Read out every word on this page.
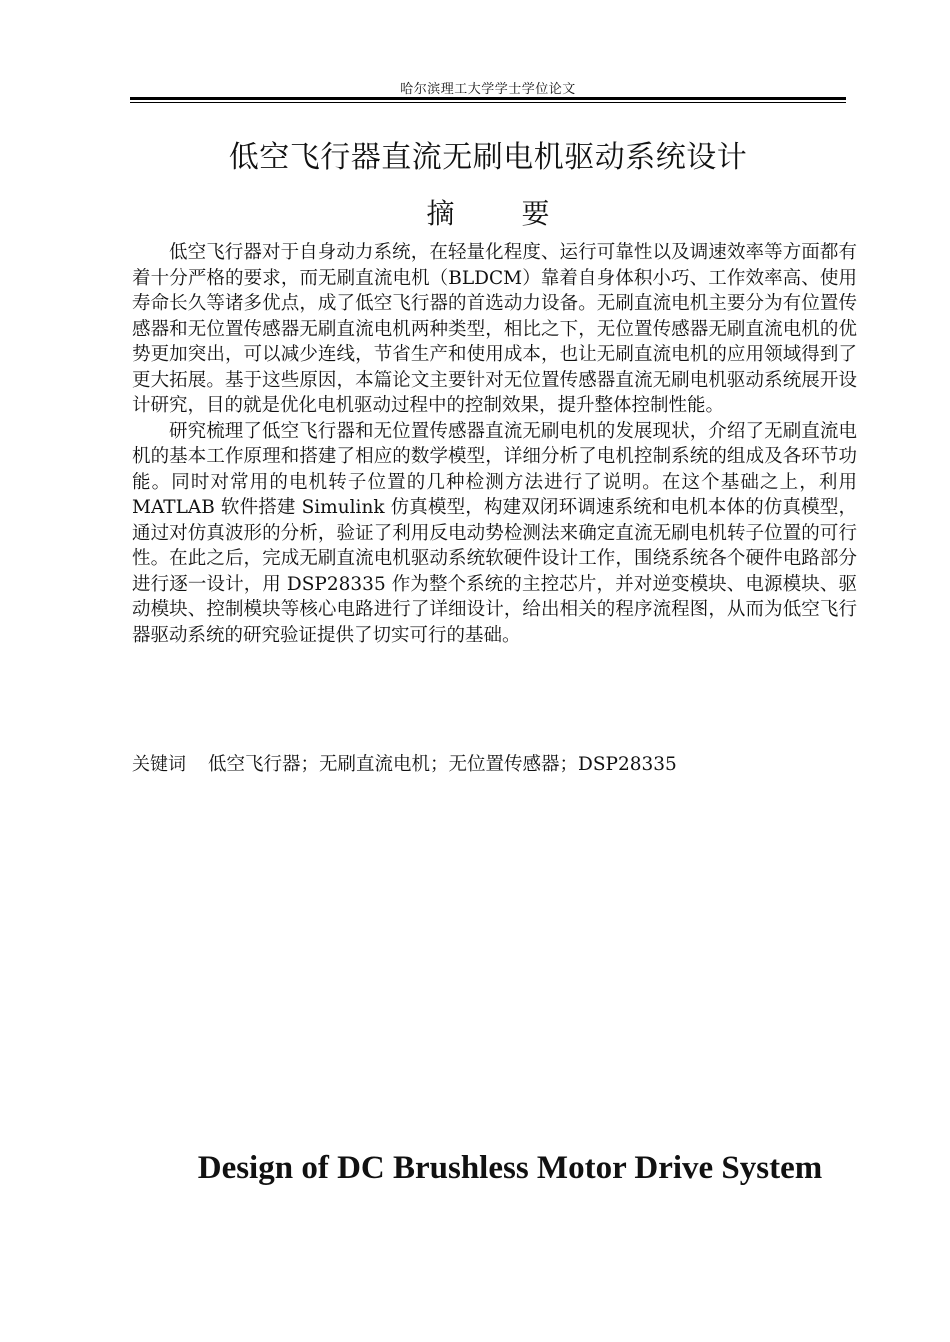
哈尔滨理工大学学士学位论文
低空飞行器直流无刷电机驱动系统设计
摘 要

低空飞行器对于自身动力系统，在轻量化程度、运行可靠性以及调速效率等方面都有着十分严格的要求，而无刷直流电机（BLDCM）靠着自身体积小巧、工作效率高、使用寿命长久等诸多优点，成了低空飞行器的首选动力设备。无刷直流电机主要分为有位置传感器和无位置传感器无刷直流电机两种类型，相比之下，无位置传感器无刷直流电机的优势更加突出，可以减少连线，节省生产和使用成本，也让无刷直流电机的应用领域得到了更大拓展。基于这些原因，本篇论文主要针对无位置传感器直流无刷电机驱动系统展开设计研究，目的就是优化电机驱动过程中的控制效果，提升整体控制性能。

研究梳理了低空飞行器和无位置传感器直流无刷电机的发展现状，介绍了无刷直流电机的基本工作原理和搭建了相应的数学模型，详细分析了电机控制系统的组成及各环节功能。同时对常用的电机转子位置的几种检测方法进行了说明。在这个基础之上，利用 MATLAB 软件搭建 Simulink 仿真模型，构建双闭环调速系统和电机本体的仿真模型，通过对仿真波形的分析，验证了利用反电动势检测法来确定直流无刷电机转子位置的可行性。在此之后，完成无刷直流电机驱动系统软硬件设计工作，围绕系统各个硬件电路部分进行逐一设计，用 DSP28335 作为整个系统的主控芯片，并对逆变模块、电源模块、驱动模块、控制模块等核心电路进行了详细设计，给出相关的程序流程图，从而为低空飞行器驱动系统的研究验证提供了切实可行的基础。

关键词 低空飞行器；无刷直流电机；无位置传感器；DSP28335
Design of DC Brushless Motor Drive System
